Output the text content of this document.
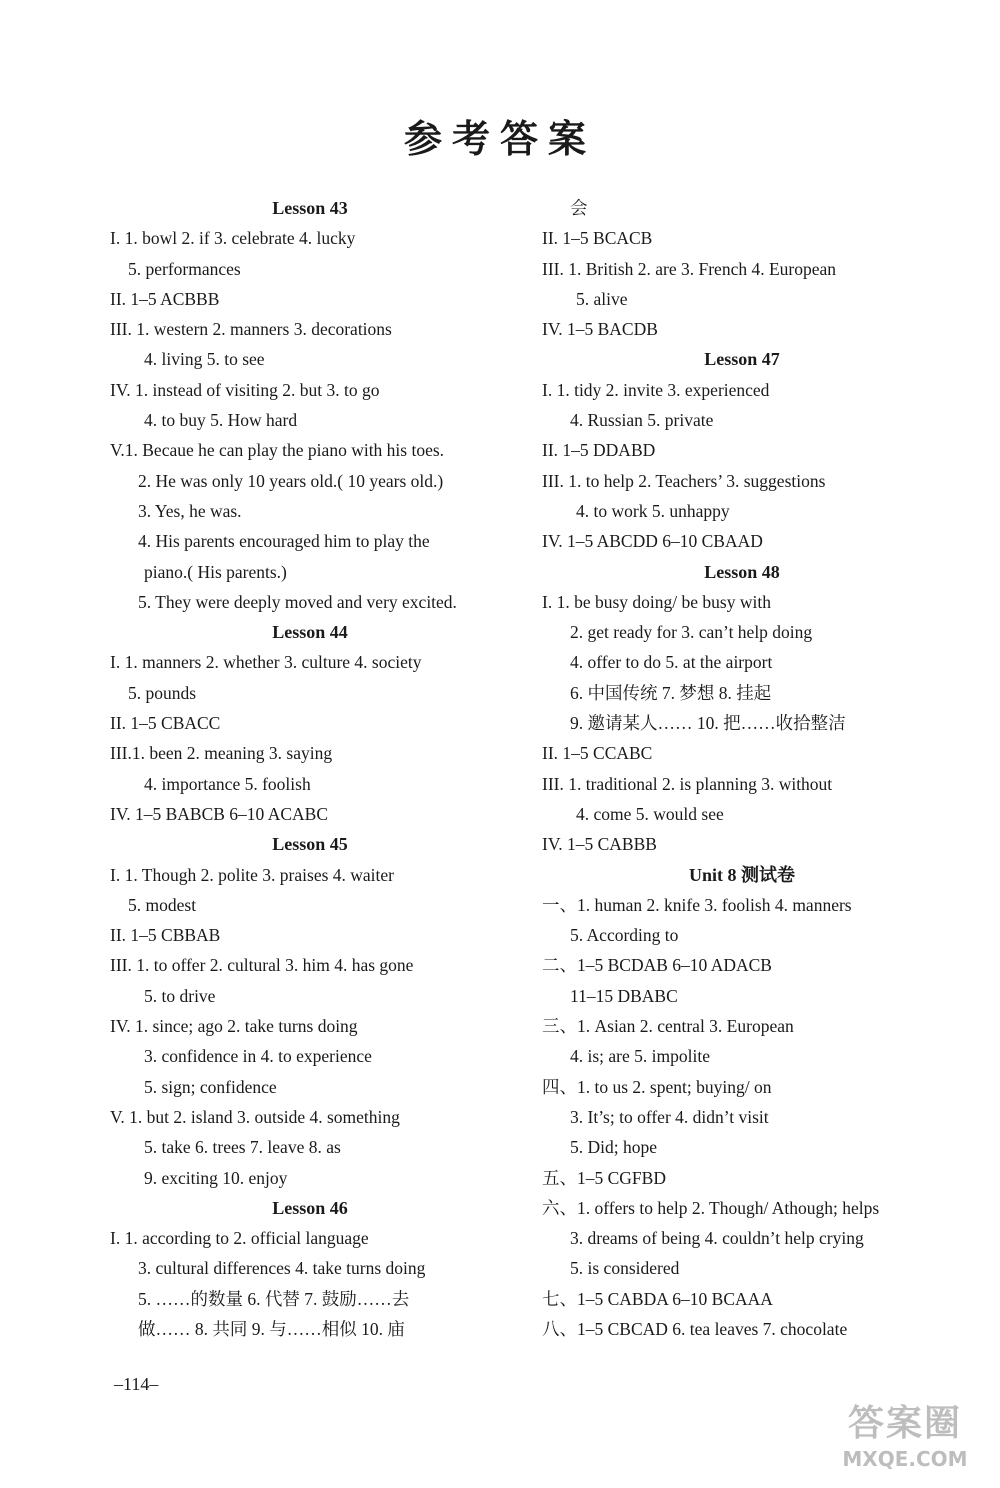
参考答案
Lesson 43
I. 1. bowl 2. if 3. celebrate 4. lucky
5. performances
II. 1–5 ACBBB
III. 1. western 2. manners 3. decorations
4. living 5. to see
IV. 1. instead of visiting 2. but 3. to go
4. to buy 5. How hard
V.1. Becaue he can play the piano with his toes.
2. He was only 10 years old.( 10 years old.)
3. Yes, he was.
4. His parents encouraged him to play the
piano.( His parents.)
5. They were deeply moved and very excited.
Lesson 44
I. 1. manners 2. whether 3. culture 4. society
5. pounds
II. 1–5 CBACC
III.1. been 2. meaning 3. saying
4. importance 5. foolish
IV. 1–5 BABCB 6–10 ACABC
Lesson 45
I. 1. Though 2. polite 3. praises 4. waiter
5. modest
II. 1–5 CBBAB
III. 1. to offer 2. cultural 3. him 4. has gone
5. to drive
IV. 1. since; ago 2. take turns doing
3. confidence in 4. to experience
5. sign; confidence
V. 1. but 2. island 3. outside 4. something
5. take 6. trees 7. leave 8. as
9. exciting 10. enjoy
Lesson 46
I. 1. according to 2. official language
3. cultural differences 4. take turns doing
5. ……的数量 6. 代替 7. 鼓励……去
做…… 8. 共同 9. 与……相似 10. 庙
会
II. 1–5 BCACB
III. 1. British 2. are 3. French 4. European
5. alive
IV. 1–5 BACDB
Lesson 47
I. 1. tidy 2. invite 3. experienced
4. Russian 5. private
II. 1–5 DDABD
III. 1. to help 2. Teachers’ 3. suggestions
4. to work 5. unhappy
IV. 1–5 ABCDD 6–10 CBAAD
Lesson 48
I. 1. be busy doing/ be busy with
2. get ready for 3. can’t help doing
4. offer to do 5. at the airport
6. 中国传统 7. 梦想 8. 挂起
9. 邀请某人…… 10. 把……收拾整洁
II. 1–5 CCABC
III. 1. traditional 2. is planning 3. without
4. come 5. would see
IV. 1–5 CABBB
Unit 8 测试卷
一、1. human 2. knife 3. foolish 4. manners
5. According to
二、1–5 BCDAB 6–10 ADACB
11–15 DBABC
三、1. Asian 2. central 3. European
4. is; are 5. impolite
四、1. to us 2. spent; buying/ on
3. It’s; to offer 4. didn’t visit
5. Did; hope
五、1–5 CGFBD
六、1. offers to help 2. Though/ Athough; helps
3. dreams of being 4. couldn’t help crying
5. is considered
七、1–5 CABDA 6–10 BCAAA
八、1–5 CBCAD 6. tea leaves 7. chocolate
–114–
答案圈
MXQE.COM
